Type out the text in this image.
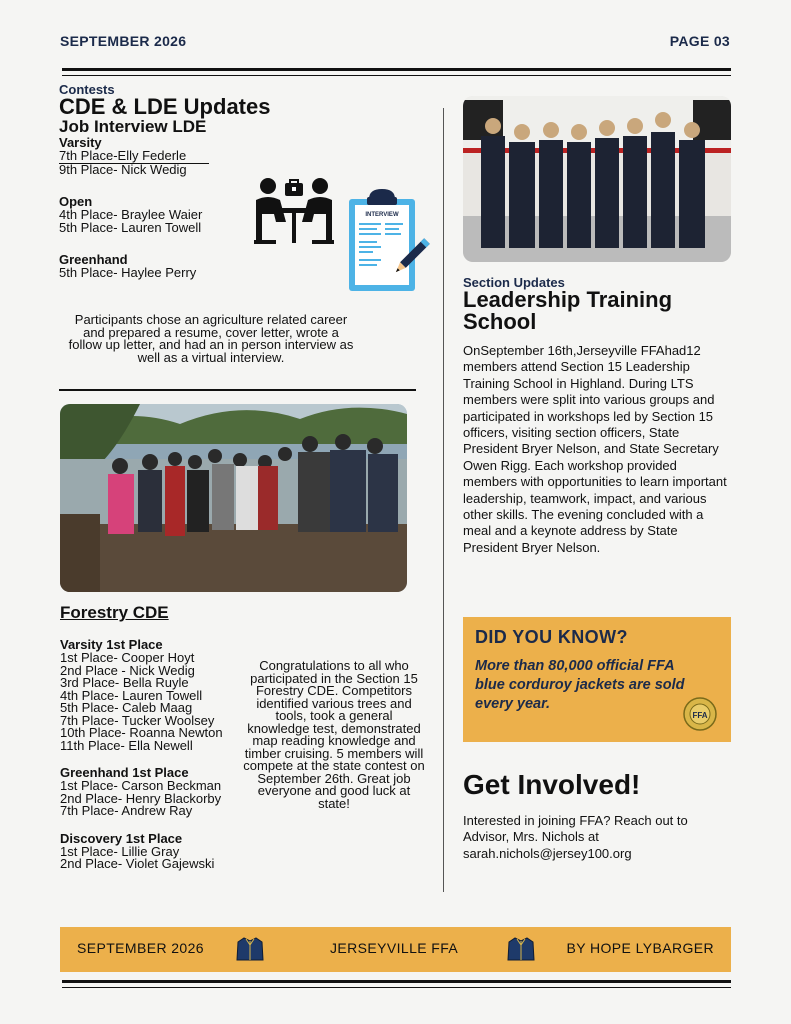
SEPTEMBER 2026	PAGE 03
Contests
CDE & LDE Updates
Job Interview LDE
Varsity
7th Place-Elly Federle
9th Place- Nick Wedig
Open
4th Place- Braylee Waier
5th Place- Lauren Towell
Greenhand
5th Place- Haylee Perry
INTERVIEW
Participants chose an agriculture related career and prepared a resume, cover letter, wrote a follow up letter, and had an in person interview as well as a virtual interview.
Forestry CDE
Varsity 1st Place
1st Place- Cooper Hoyt
2nd Place - Nick Wedig
3rd Place- Bella Ruyle
4th Place- Lauren Towell
5th Place- Caleb Maag
7th Place- Tucker Woolsey
10th Place- Roanna Newton
11th Place- Ella Newell
Greenhand 1st Place
1st Place- Carson Beckman
2nd Place- Henry Blackorby
7th Place- Andrew Ray
Discovery 1st Place
1st Place- Lillie Gray
2nd Place- Violet Gajewski
Congratulations to all who participated in the Section 15 Forestry CDE. Competitors identified various trees and tools, took a general knowledge test, demonstrated map reading knowledge and timber cruising. 5 members will compete at the state contest on September 26th. Great job everyone and good luck at state!
Section Updates
Leadership Training School
OnSeptember 16th,Jerseyville FFAhad12 members attend Section 15 Leadership Training School in Highland. During LTS members were split into various groups and participated in workshops led by Section 15 officers, visiting section officers, State President Bryer Nelson, and State Secretary Owen Rigg. Each workshop provided members with opportunities to learn important leadership, teamwork, impact, and various other skills. The evening concluded with a meal and a keynote address by State President Bryer Nelson.
DID YOU KNOW?
More than 80,000 official FFA blue corduroy jackets are sold every year.
FFA
Get Involved!
Interested in joining FFA? Reach out to Advisor, Mrs. Nichols at
sarah.nichols@jersey100.org
SEPTEMBER 2026	JERSEYVILLE FFA	BY HOPE LYBARGER
